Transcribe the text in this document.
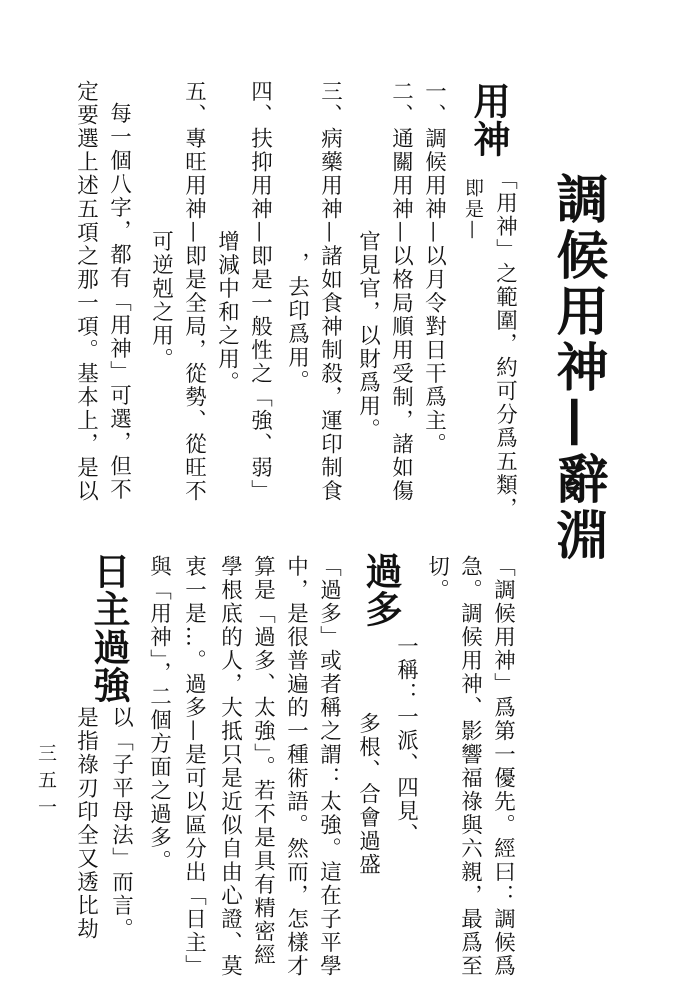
調候用神—辭淵
「調候用神」爲第一優先。經曰：調候爲
急。調候用神、影響福祿與六親，最爲至
切。
用神
「用神」之範圍，約可分爲五類，
即是—
一、調候用神—以月令對日干爲主。
二、通關用神—以格局順用受制，諸如傷
官見官，以財爲用。
三、病藥用神—諸如食神制殺，運印制食
，去印爲用。
四、扶抑用神—即是一般性之「強、弱」
增減中和之用。
五、專旺用神—即是全局，從勢、從旺不
可逆剋之用。
每一個八字，都有「用神」可選，但不
定要選上述五項之那一項。基本上，是以
過多
一稱：一派、四見、
多根、合會過盛
「過多」或者稱之謂：太強。這在子平學
中，是很普遍的一種術語。然而，怎樣才
算是「過多、太強」。若不是具有精密經
學根底的人，大抵只是近似自由心證、莫
衷一是…。過多—是可以區分出「日主」
與「用神」，二個方面之過多。
日主過強
以「子平母法」而言。
是指祿刃印全又透比劫
三五一
